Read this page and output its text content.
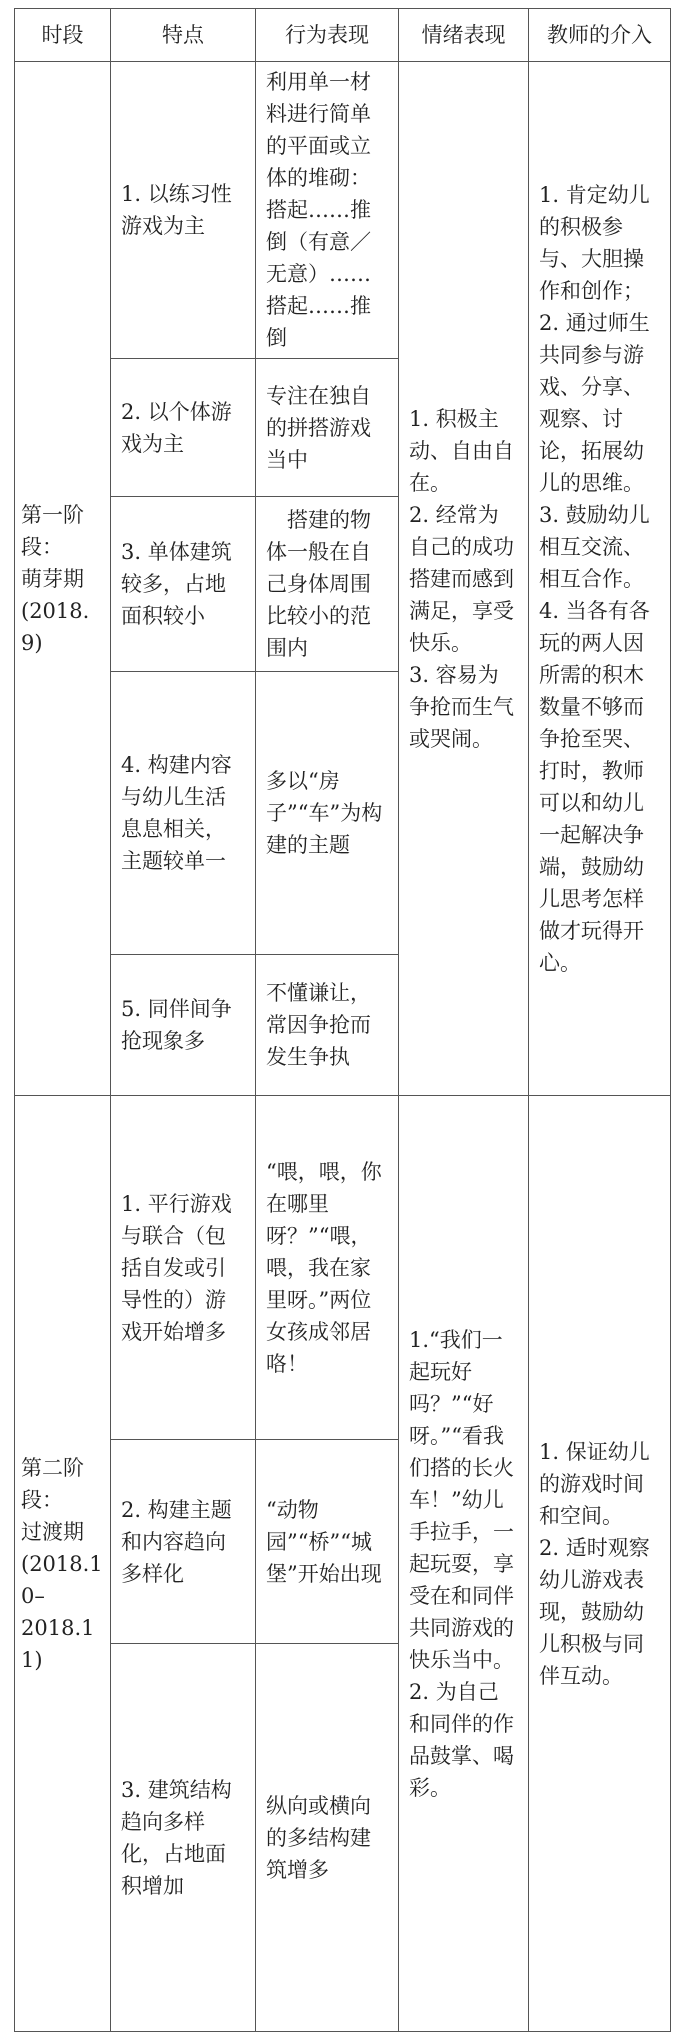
时段	特点	行为表现	情绪表现	教师的介入
第一阶段：
萌芽期
(2018.9)	1. 以练习性游戏为主	利用单一材料进行简单的平面或立体的堆砌：搭起……推倒（有意／无意）……搭起……推倒	1. 积极主动、自由自在。
2. 经常为自己的成功搭建而感到满足，享受快乐。
3. 容易为争抢而生气或哭闹。	1. 肯定幼儿的积极参与、大胆操作和创作；
2. 通过师生共同参与游戏、分享、观察、讨论，拓展幼儿的思维。
3. 鼓励幼儿相互交流、相互合作。
4. 当各有各玩的两人因所需的积木数量不够而争抢至哭、打时，教师可以和幼儿一起解决争端，鼓励幼儿思考怎样做才玩得开心。
	2. 以个体游戏为主	专注在独自的拼搭游戏当中		
	3. 单体建筑较多，占地面积较小	　搭建的物体一般在自己身体周围比较小的范围内		
	4. 构建内容与幼儿生活息息相关，主题较单一	多以“房子”“车”为构建的主题		
	5. 同伴间争抢现象多	不懂谦让，常因争抢而发生争执		
第二阶段：
过渡期
(2018.10–
2018.11)	1. 平行游戏与联合（包括自发或引导性的）游戏开始增多	“喂，喂，你在哪里呀？”“喂，喂，我在家里呀。”两位女孩成邻居咯！	1.“我们一起玩好吗？”“好呀。”“看我们搭的长火车！”幼儿手拉手，一起玩耍，享受在和同伴共同游戏的快乐当中。
2. 为自己和同伴的作品鼓掌、喝彩。	1. 保证幼儿的游戏时间和空间。
2. 适时观察幼儿游戏表现，鼓励幼儿积极与同伴互动。
	2. 构建主题和内容趋向多样化	“动物园”“桥”“城堡”开始出现		
	3. 建筑结构趋向多样化，占地面积增加	纵向或横向的多结构建筑增多		
